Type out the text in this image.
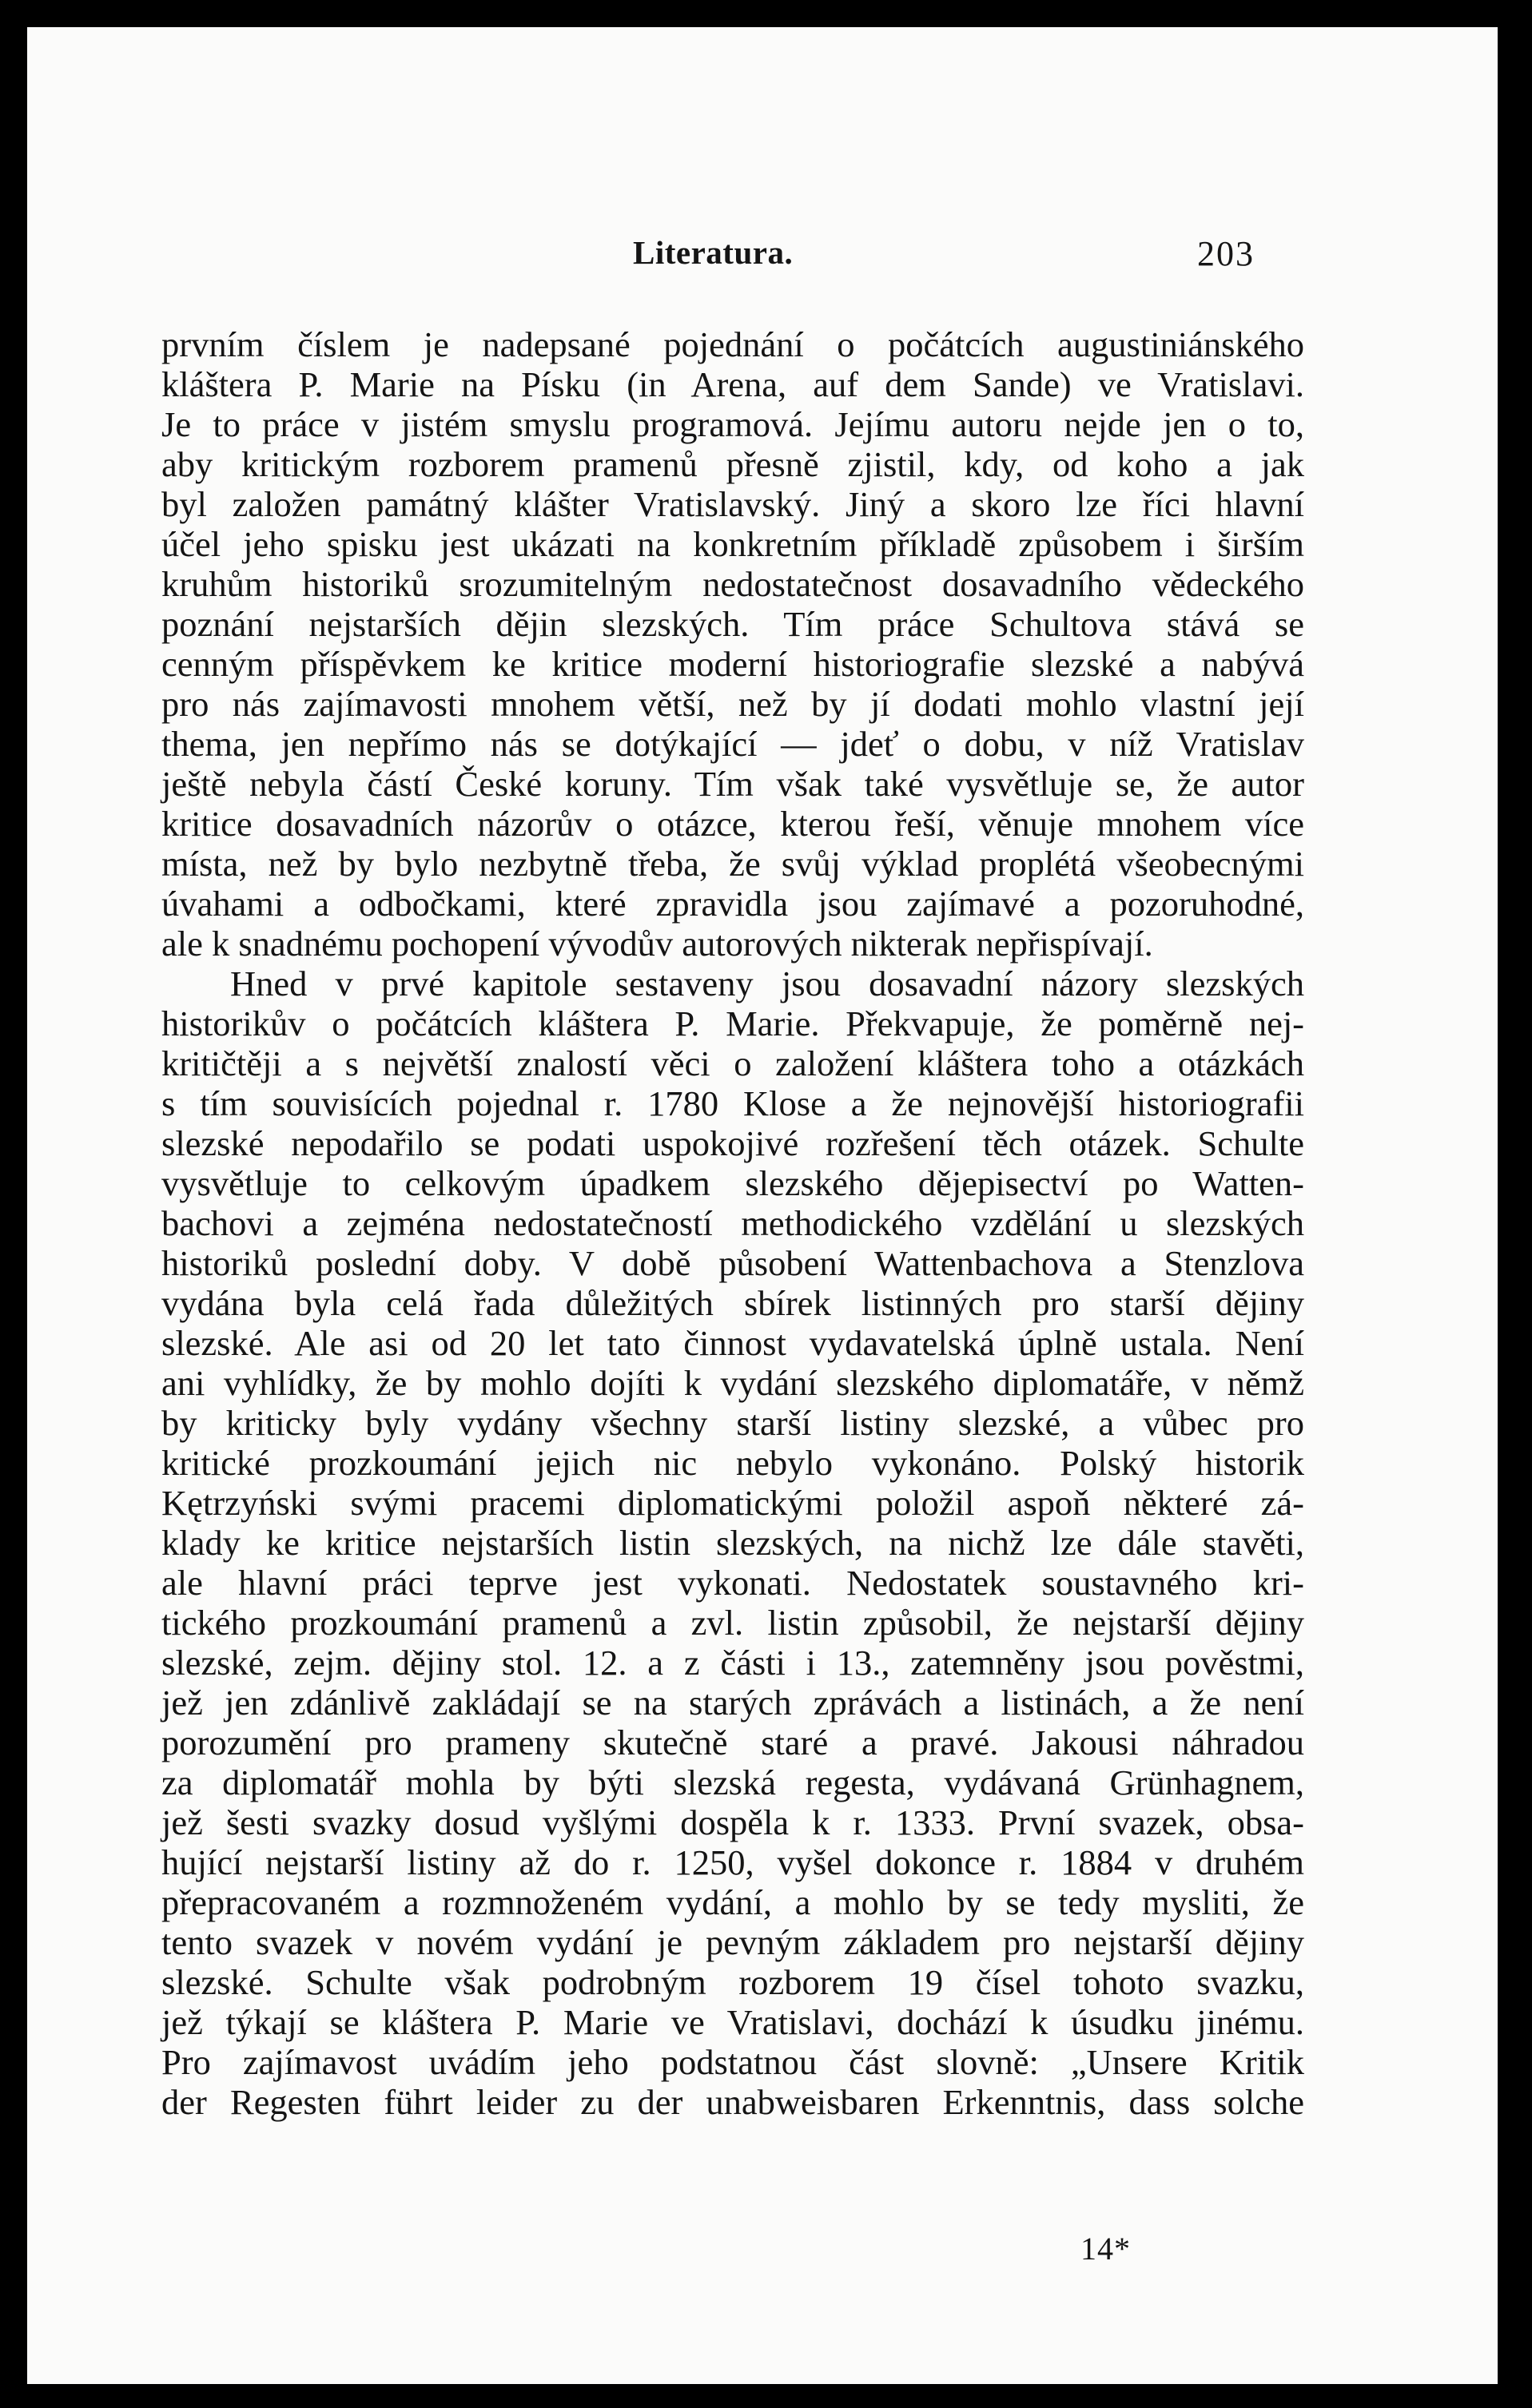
Literatura.	203
prvním číslem je nadepsané pojednání o počátcích augustiniánského
kláštera P. Marie na Písku (in Arena, auf dem Sande) ve Vratislavi.
Je to práce v jistém smyslu programová. Jejímu autoru nejde jen o to,
aby kritickým rozborem pramenů přesně zjistil, kdy, od koho a jak
byl založen památný klášter Vratislavský. Jiný a skoro lze říci hlavní
účel jeho spisku jest ukázati na konkretním příkladě způsobem i širším
kruhům historiků srozumitelným nedostatečnost dosavadního vědeckého
poznání nejstarších dějin slezských. Tím práce Schultova stává se
cenným příspěvkem ke kritice moderní historiografie slezské a nabývá
pro nás zajímavosti mnohem větší, než by jí dodati mohlo vlastní její
thema, jen nepřímo nás se dotýkající — jdeť o dobu, v níž Vratislav
ještě nebyla částí České koruny. Tím však také vysvětluje se, že autor
kritice dosavadních názorův o otázce, kterou řeší, věnuje mnohem více
místa, než by bylo nezbytně třeba, že svůj výklad proplétá všeobecnými
úvahami a odbočkami, které zpravidla jsou zajímavé a pozoruhodné,
ale k snadnému pochopení vývodův autorových nikterak nepřispívají.
Hned v prvé kapitole sestaveny jsou dosavadní názory slezských
historikův o počátcích kláštera P. Marie. Překvapuje, že poměrně nej-
kritičtěji a s největší znalostí věci o založení kláštera toho a otázkách
s tím souvisících pojednal r. 1780 Klose a že nejnovější historiografii
slezské nepodařilo se podati uspokojivé rozřešení těch otázek. Schulte
vysvětluje to celkovým úpadkem slezského dějepisectví po Watten-
bachovi a zejména nedostatečností methodického vzdělání u slezských
historiků poslední doby. V době působení Wattenbachova a Stenzlova
vydána byla celá řada důležitých sbírek listinných pro starší dějiny
slezské. Ale asi od 20 let tato činnost vydavatelská úplně ustala. Není
ani vyhlídky, že by mohlo dojíti k vydání slezského diplomatáře, v němž
by kriticky byly vydány všechny starší listiny slezské, a vůbec pro
kritické prozkoumání jejich nic nebylo vykonáno. Polský historik
Kętrzyński svými pracemi diplomatickými položil aspoň některé zá-
klady ke kritice nejstarších listin slezských, na nichž lze dále stavěti,
ale hlavní práci teprve jest vykonati. Nedostatek soustavného kri-
tického prozkoumání pramenů a zvl. listin způsobil, že nejstarší dějiny
slezské, zejm. dějiny stol. 12. a z části i 13., zatemněny jsou pověstmi,
jež jen zdánlivě zakládají se na starých zprávách a listinách, a že není
porozumění pro prameny skutečně staré a pravé. Jakousi náhradou
za diplomatář mohla by býti slezská regesta, vydávaná Grünhagnem,
jež šesti svazky dosud vyšlými dospěla k r. 1333. První svazek, obsa-
hující nejstarší listiny až do r. 1250, vyšel dokonce r. 1884 v druhém
přepracovaném a rozmnoženém vydání, a mohlo by se tedy mysliti, že
tento svazek v novém vydání je pevným základem pro nejstarší dějiny
slezské. Schulte však podrobným rozborem 19 čísel tohoto svazku,
jež týkají se kláštera P. Marie ve Vratislavi, dochází k úsudku jinému.
Pro zajímavost uvádím jeho podstatnou část slovně: „Unsere Kritik
der Regesten führt leider zu der unabweisbaren Erkenntnis, dass solche
14*
